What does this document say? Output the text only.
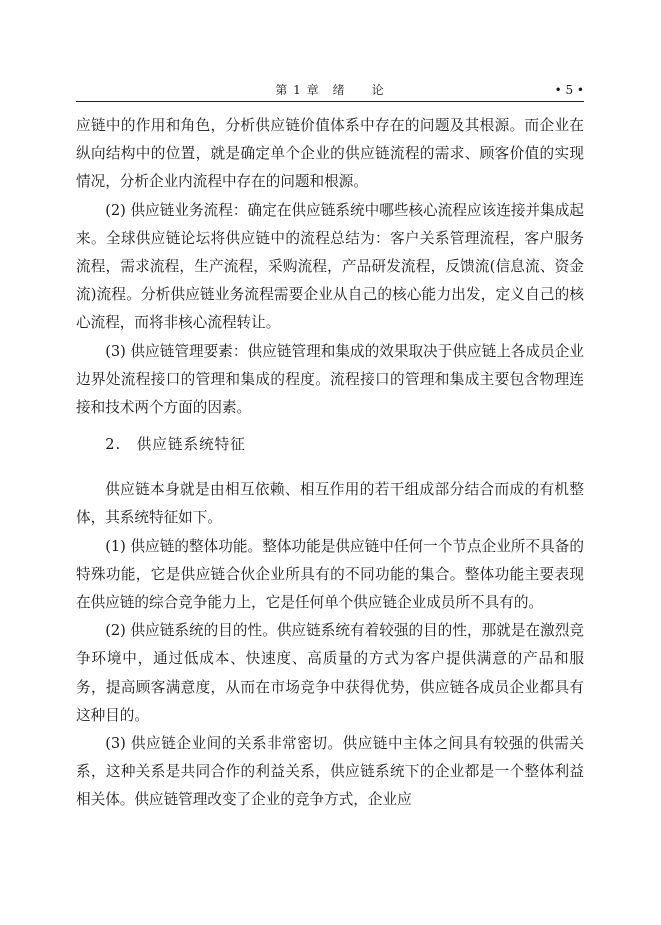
第 1 章　绪　　论	• 5 •

应链中的作用和角色，分析供应链价值体系中存在的问题及其根源。而企业在纵向结构中的位置，就是确定单个企业的供应链流程的需求、顾客价值的实现情况，分析企业内流程中存在的问题和根源。

(2) 供应链业务流程：确定在供应链系统中哪些核心流程应该连接并集成起来。全球供应链论坛将供应链中的流程总结为：客户关系管理流程，客户服务流程，需求流程，生产流程，采购流程，产品研发流程，反馈流(信息流、资金流)流程。分析供应链业务流程需要企业从自己的核心能力出发，定义自己的核心流程，而将非核心流程转让。

(3) 供应链管理要素：供应链管理和集成的效果取决于供应链上各成员企业边界处流程接口的管理和集成的程度。流程接口的管理和集成主要包含物理连接和技术两个方面的因素。

2.　供应链系统特征

供应链本身就是由相互依赖、相互作用的若干组成部分结合而成的有机整体，其系统特征如下。

(1) 供应链的整体功能。整体功能是供应链中任何一个节点企业所不具备的特殊功能，它是供应链合伙企业所具有的不同功能的集合。整体功能主要表现在供应链的综合竞争能力上，它是任何单个供应链企业成员所不具有的。

(2) 供应链系统的目的性。供应链系统有着较强的目的性，那就是在激烈竞争环境中，通过低成本、快速度、高质量的方式为客户提供满意的产品和服务，提高顾客满意度，从而在市场竞争中获得优势，供应链各成员企业都具有这种目的。

(3) 供应链企业间的关系非常密切。供应链中主体之间具有较强的供需关系，这种关系是共同合作的利益关系，供应链系统下的企业都是一个整体利益相关体。供应链管理改变了企业的竞争方式，企业应
